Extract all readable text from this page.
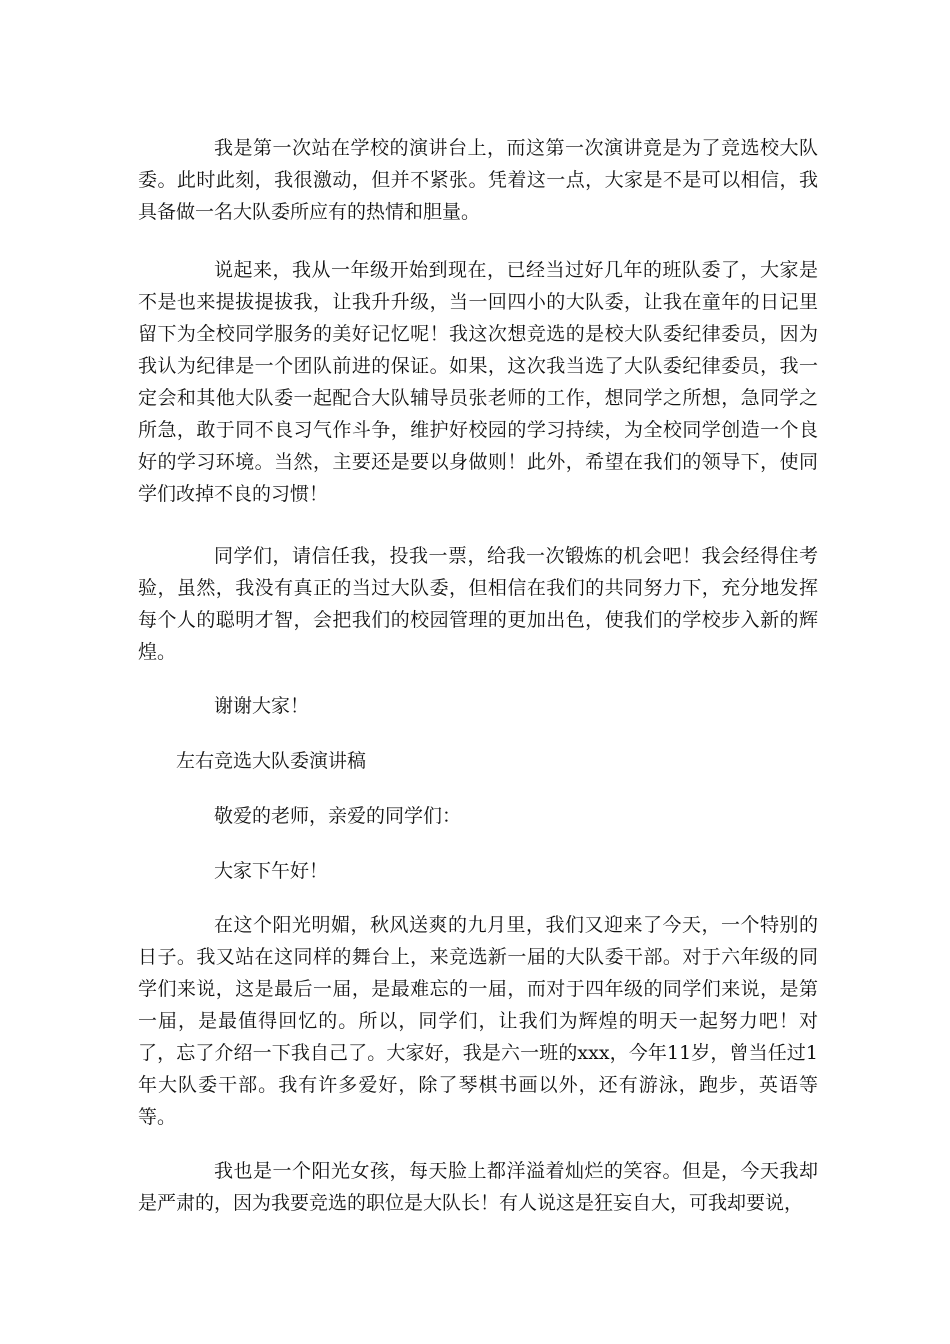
我是第一次站在学校的演讲台上，而这第一次演讲竟是为了竞选校大队委。此时此刻，我很激动，但并不紧张。凭着这一点，大家是不是可以相信，我具备做一名大队委所应有的热情和胆量。

说起来，我从一年级开始到现在，已经当过好几年的班队委了，大家是不是也来提拔提拔我，让我升升级，当一回四小的大队委，让我在童年的日记里留下为全校同学服务的美好记忆呢！我这次想竞选的是校大队委纪律委员，因为我认为纪律是一个团队前进的保证。如果，这次我当选了大队委纪律委员，我一定会和其他大队委一起配合大队辅导员张老师的工作，想同学之所想，急同学之所急，敢于同不良习气作斗争，维护好校园的学习持续，为全校同学创造一个良好的学习环境。当然，主要还是要以身做则！此外，希望在我们的领导下，使同学们改掉不良的习惯！

同学们，请信任我，投我一票，给我一次锻炼的机会吧！我会经得住考验，虽然，我没有真正的当过大队委，但相信在我们的共同努力下，充分地发挥每个人的聪明才智，会把我们的校园管理的更加出色，使我们的学校步入新的辉煌。

谢谢大家！
左右竞选大队委演讲稿
敬爱的老师，亲爱的同学们：
大家下午好！

在这个阳光明媚，秋风送爽的九月里，我们又迎来了今天，一个特别的日子。我又站在这同样的舞台上，来竞选新一届的大队委干部。对于六年级的同学们来说，这是最后一届，是最难忘的一届，而对于四年级的同学们来说，是第一届，是最值得回忆的。所以，同学们，让我们为辉煌的明天一起努力吧！对了，忘了介绍一下我自己了。大家好，我是六一班的xxx，今年11岁，曾当任过1年大队委干部。我有许多爱好，除了琴棋书画以外，还有游泳，跑步，英语等等。

我也是一个阳光女孩，每天脸上都洋溢着灿烂的笑容。但是，今天我却是严肃的，因为我要竞选的职位是大队长！有人说这是狂妄自大，可我却要说，
